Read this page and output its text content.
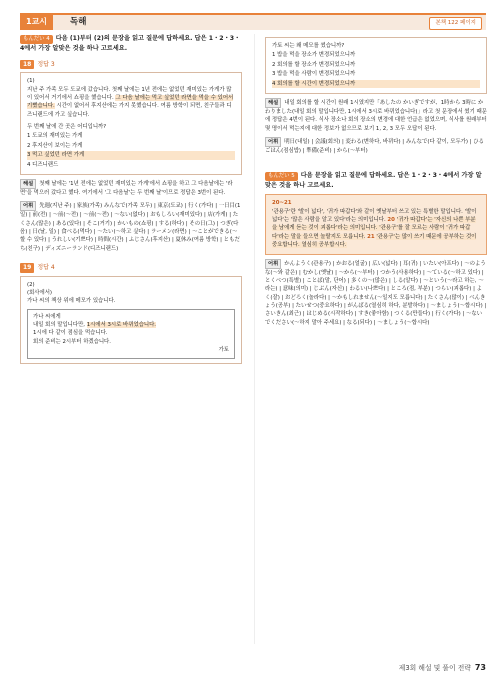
1교시	독해	본책 122 페이지
もんだい 4 다음 (1)부터 (2)의 문장을 읽고 질문에 답하세요. 답은 1・2・3・4에서 가장 알맞은 것을 하나 고르세요.
18 정답 3
(1)
지난 주 가족 모두 도쿄에 갔습니다. 첫째 날에는 1년 전에는 없었던 재미있는 가게가 많이 있어서 거기에서 쇼핑을 했습니다. 그 다음 날에는 먹고 싶었던 라면을 먹을 수 있어서 기뻤습니다. 시간이 없어서 후지산에는 가지 못했습니다. 여름 방학이 되면, 친구들과 디즈니랜드에 가고 싶습니다.
두 번째 날에 간 곳은 어디입니까?
1 도쿄의 재미있는 가게
2 후지산이 보이는 가게
3 먹고 싶었던 라면 가게
4 디즈니랜드
해설 첫째 날에는 '1년 전에는 없었던 재미있는 가게'에서 쇼핑을 하고 그 다음날에는 '라면'을 먹으러 갔다고 했다. 여기에서 '그 다음날'는 두 번째 날'이므로 정답은 3번이 된다.
어휘 先週(지난 주) | 家族(가족) みんなで(가족 모두) | 東京(도쿄) | 行く(가다) | 一日目(1일) | 前(전) | 〜前(〜전) | 〜前(〜전) | 〜ない(없다) | おもしろい(재미있다) | 店(가게) | たくさん(많은) | ある(있다) | そこ(거기) | かいもの(쇼핑) | する(하다) | その日(그) | つぎ(다음) | 日(날, 일) | 食べる(먹다) | 〜たい(〜하고 싶다) | ラーメン(라면) | 〜ことができる(〜할 수 있다) | うれしい(기쁘다) | 時間(시간) | ふじさん(후지산) | 夏休み(여름 방학) | ともだち(친구) | ディズニーランド(디즈니랜드)
19 정답 4
(2)
(회사에서)
가나 씨의 책상 위에 메모가 있습니다.
가나 씨에게
내일 회의 말입니다만, 1시에서 3시로 바뀌었습니다.
1시에 다 같이 점심을 먹습니다.
회의 준비는 2시부터 하겠습니다.
가토
가토 씨는 왜 메모를 썼습니까?
1 밥을 먹을 장소가 변경되었으니까
2 회의를 할 장소가 변경되었으니까
3 밥을 먹을 사람이 변경되었으니까
4 회의를 할 시간이 변경되었으니까
해설 내일 회의를 할 시간이 원래 1시였지만「あしたの かいぎですが、1時から 3時に かわりました(내일 회의 말입니다만, 1시에서 3시로 바뀌었습니다)」라고 첫 문장에서 썼기 때문에 정답은 4번이 된다. 식사 장소나 회의 장소의 변경에 대한 언급은 없었으며, 식사를 원래부터 몇 명이서 먹는지에 대한 정보가 없으므로 보기 1, 2, 3 모두 오답이 된다.
어휘 明日(내일) | 会議(회의) | 変わる(변하다, 바뀌다) | みんなで(다 같이, 모두가) | ひるごはん(점심밥) | 準備(준비) | から(〜부터)
もんだい 5 다음 문장을 읽고 질문에 답하세요. 답은 1・2・3・4에서 가장 알맞은 것을 하나 고르세요.
20~21
'관용구'란 '발이 넓다', '귀가 따갑다'와 같이 옛날부터 쓰고 있는 특별한 말입니다. '발이 넓다'는 '많은 사람을 알고 있다'라는 의미입니다. 20 '귀가 따갑다'는 '자신의 나쁜 부분을 남에게 듣는 것이 괴롭다'라는 의미입니다. '관용구'를 잘 모르는 사람이 '귀가 따갑다'라는 말을 들으면 놀랄지도 모릅니다. 21 '관용구'는 많이 쓰기 때문에 공부하는 것이 중요합니다. 열심히 공부합시다.
어휘 かんようく(관용구) | かおる(얼굴) | 広い(넓다) | 耳(귀) | いたい(아프다) | 〜のような(〜와 같은) | むかし(옛날) | 〜から(〜부터) | つかう(사용하다) | 〜ている(〜하고 있다) | とくべつ(특별) | ことば(말, 단어) | 多くの〜(많은) | しる(알다) | 〜という(〜라고 하는, 〜라는) | 意味(의미) | じぶん(자신) | わるい(나쁘다) | ところ(점, 부분) | つらい(괴롭다) | よく(잘) | おどろく(놀라다) | 〜かもしれません(〜일지도 모릅니다) | たくさん(많이) | べんきょう(공부) | たいせつ(중요하다) | がんばる(열심히 하다, 분발하다) | 〜ましょう(〜합시다) | さいきん(최근) | はじめる(시작하다) | すき(좋아함) | つくる(만들다) | 行く(가다) | 〜ないでください(〜하지 말아 주세요) | なる(되다) | 〜ましょう(〜합시다)
제3회 해설 및 풀이 전략 73
